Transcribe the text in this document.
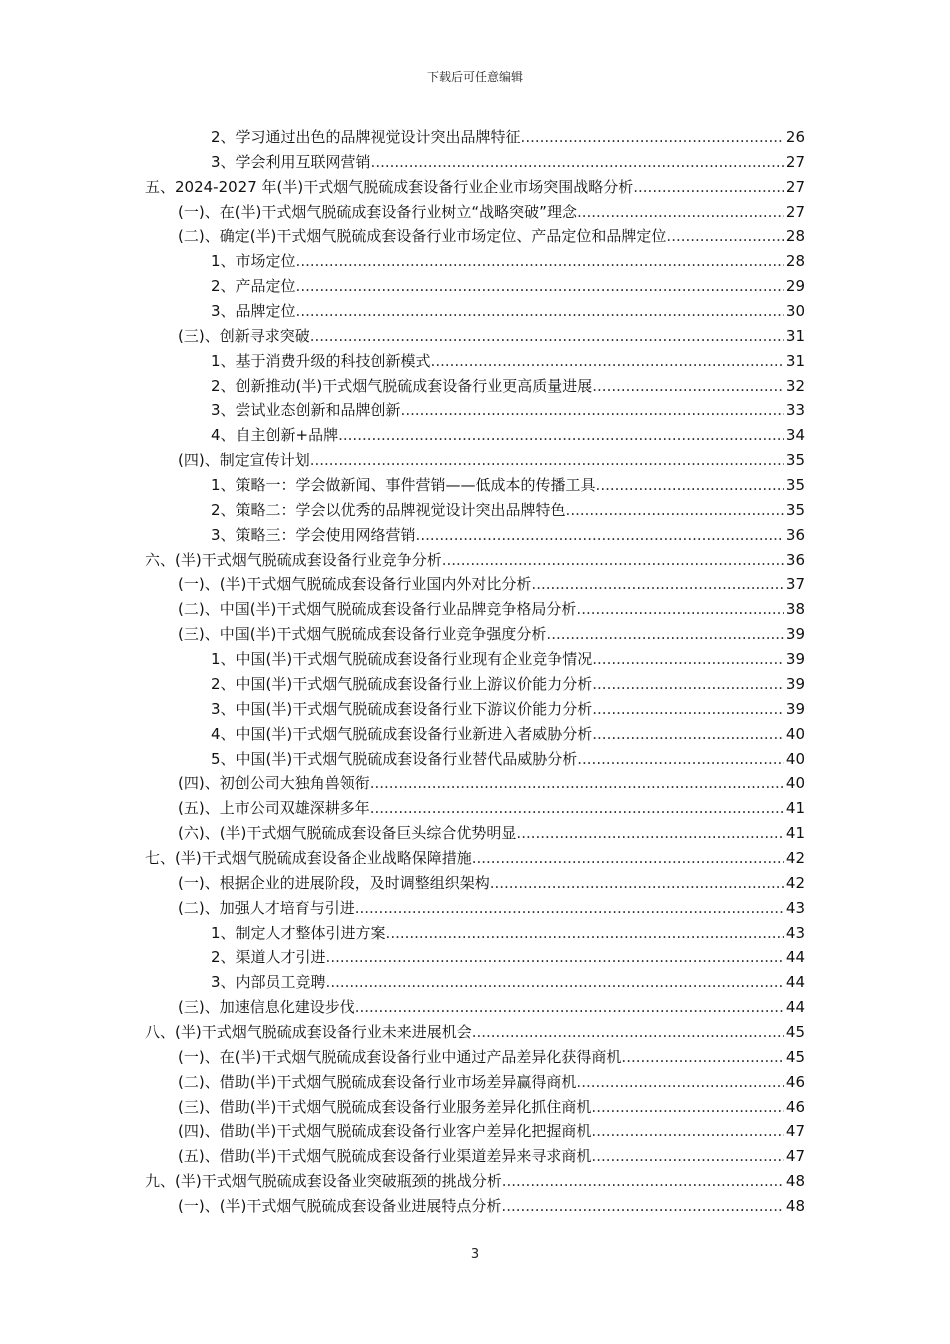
下载后可任意编辑
2、学习通过出色的品牌视觉设计突出品牌特征 .....	26
3、学会利用互联网营销 .....	27
五、2024-2027 年(半)干式烟气脱硫成套设备行业企业市场突围战略分析 .....	27
(一)、在(半)干式烟气脱硫成套设备行业树立“战略突破”理念 .....	27
(二)、确定(半)干式烟气脱硫成套设备行业市场定位、产品定位和品牌定位 .....	28
1、市场定位 .....	28
2、产品定位 .....	29
3、品牌定位 .....	30
(三)、创新寻求突破 .....	31
1、基于消费升级的科技创新模式 .....	31
2、创新推动(半)干式烟气脱硫成套设备行业更高质量进展 .....	32
3、尝试业态创新和品牌创新 .....	33
4、自主创新+品牌 .....	34
(四)、制定宣传计划 .....	35
1、策略一：学会做新闻、事件营销——低成本的传播工具 .....	35
2、策略二：学会以优秀的品牌视觉设计突出品牌特色 .....	35
3、策略三：学会使用网络营销 .....	36
六、(半)干式烟气脱硫成套设备行业竞争分析 .....	36
(一)、(半)干式烟气脱硫成套设备行业国内外对比分析 .....	37
(二)、中国(半)干式烟气脱硫成套设备行业品牌竞争格局分析 .....	38
(三)、中国(半)干式烟气脱硫成套设备行业竞争强度分析 .....	39
1、中国(半)干式烟气脱硫成套设备行业现有企业竞争情况 .....	39
2、中国(半)干式烟气脱硫成套设备行业上游议价能力分析 .....	39
3、中国(半)干式烟气脱硫成套设备行业下游议价能力分析 .....	39
4、中国(半)干式烟气脱硫成套设备行业新进入者威胁分析 .....	40
5、中国(半)干式烟气脱硫成套设备行业替代品威胁分析 .....	40
(四)、初创公司大独角兽领衔 .....	40
(五)、上市公司双雄深耕多年 .....	41
(六)、(半)干式烟气脱硫成套设备巨头综合优势明显 .....	41
七、(半)干式烟气脱硫成套设备企业战略保障措施 .....	42
(一)、根据企业的进展阶段，及时调整组织架构 .....	42
(二)、加强人才培育与引进 .....	43
1、制定人才整体引进方案 .....	43
2、渠道人才引进 .....	44
3、内部员工竞聘 .....	44
(三)、加速信息化建设步伐 .....	44
八、(半)干式烟气脱硫成套设备行业未来进展机会 .....	45
(一)、在(半)干式烟气脱硫成套设备行业中通过产品差异化获得商机 .....	45
(二)、借助(半)干式烟气脱硫成套设备行业市场差异赢得商机 .....	46
(三)、借助(半)干式烟气脱硫成套设备行业服务差异化抓住商机 .....	46
(四)、借助(半)干式烟气脱硫成套设备行业客户差异化把握商机 .....	47
(五)、借助(半)干式烟气脱硫成套设备行业渠道差异来寻求商机 .....	47
九、(半)干式烟气脱硫成套设备业突破瓶颈的挑战分析 .....	48
(一)、(半)干式烟气脱硫成套设备业进展特点分析 .....	48
3
